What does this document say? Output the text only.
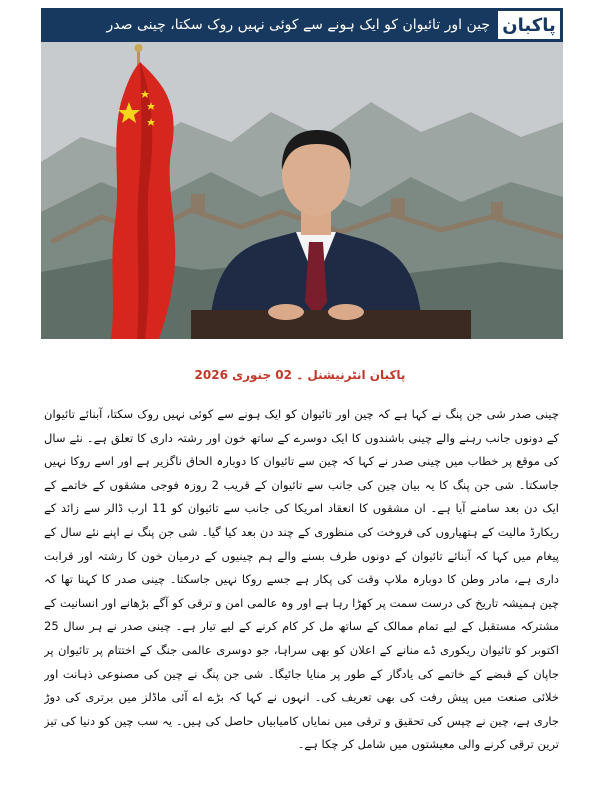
چین اور تائیوان کو ایک ہونے سے کوئی نہیں روک سکتا، چینی صدر پاکبان
پاکبان انٹرنیشنل ۔ 02 جنوری 2026
چینی صدر شی جن پنگ نے کہا ہے کہ چین اور تائیوان کو ایک ہونے سے کوئی نہیں روک سکتا، آبنائے تائیوان کے دونوں جانب رہنے والے چینی باشندوں کا ایک دوسرے کے ساتھ خون اور رشتہ داری کا تعلق ہے۔ نئے سال کی موقع پر خطاب میں چینی صدر نے کہا کہ چین سے تائیوان کا دوبارہ الحاق ناگزیر ہے اور اسے روکا نہیں جاسکتا۔ شی جن پنگ کا یہ بیان چین کی جانب سے تائیوان کے قریب 2 روزہ فوجی مشقوں کے خاتمے کے ایک دن بعد سامنے آیا ہے۔ ان مشقوں کا انعقاد امریکا کی جانب سے تائیوان کو 11 ارب ڈالر سے زائد کے ریکارڈ مالیت کے ہتھیاروں کی فروخت کی منظوری کے چند دن بعد کیا گیا۔ شی جن پنگ نے اپنے نئے سال کے پیغام میں کہا کہ آبنائے تائیوان کے دونوں طرف بسنے والے ہم چینیوں کے درمیان خون کا رشتہ اور قرابت داری ہے، مادر وطن کا دوبارہ ملاپ وقت کی پکار ہے جسے روکا نہیں جاسکتا۔ چینی صدر کا کہنا تھا کہ چین ہمیشہ تاریخ کی درست سمت پر کھڑا رہا ہے اور وہ عالمی امن و ترقی کو آگے بڑھانے اور انسانیت کے مشترکہ مستقبل کے لیے تمام ممالک کے ساتھ مل کر کام کرنے کے لیے تیار ہے۔ چینی صدر نے ہر سال 25 اکتوبر کو تائیوان ریکوری ڈے منانے کے اعلان کو بھی سراہا، جو دوسری عالمی جنگ کے اختتام پر تائیوان پر جاپان کے قبضے کے خاتمے کی یادگار کے طور پر منایا جائیگا۔ شی جن پنگ نے چین کی مصنوعی ذہانت اور خلائی صنعت میں پیش رفت کی بھی تعریف کی۔ انہوں نے کہا کہ بڑے اے آئی ماڈلز میں برتری کی دوڑ جاری ہے، چین نے چپس کی تحقیق و ترقی میں نمایاں کامیابیاں حاصل کی ہیں۔ یہ سب چین کو دنیا کی تیز ترین ترقی کرنے والی معیشتوں میں شامل کر چکا ہے۔
